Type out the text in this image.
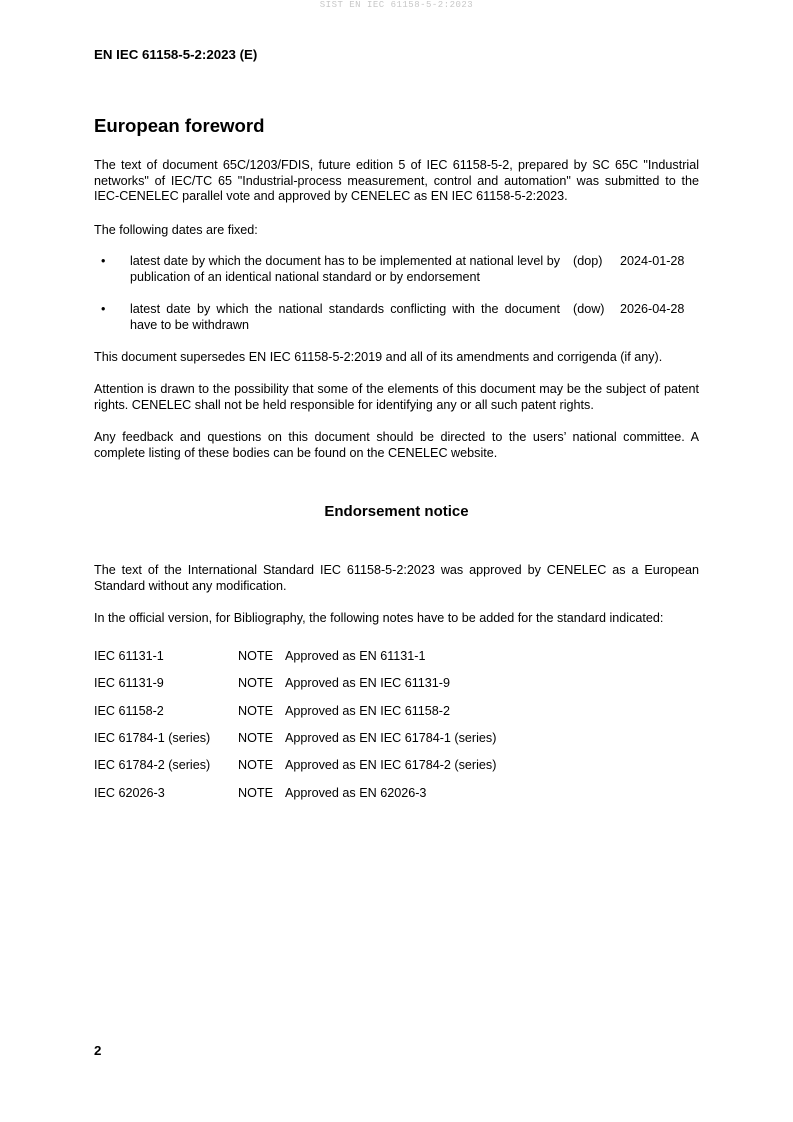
SIST EN IEC 61158-5-2:2023
EN IEC 61158-5-2:2023 (E)
European foreword
The text of document 65C/1203/FDIS, future edition 5 of IEC 61158-5-2, prepared by SC 65C "Industrial networks" of IEC/TC 65 "Industrial-process measurement, control and automation" was submitted to the IEC-CENELEC parallel vote and approved by CENELEC as EN IEC 61158-5-2:2023.
The following dates are fixed:
• latest date by which the document has to be implemented at national level by publication of an identical national standard or by endorsement
(dop) 2024-01-28
• latest date by which the national standards conflicting with the document have to be withdrawn
(dow) 2026-04-28
This document supersedes EN IEC 61158-5-2:2019 and all of its amendments and corrigenda (if any).
Attention is drawn to the possibility that some of the elements of this document may be the subject of patent rights. CENELEC shall not be held responsible for identifying any or all such patent rights.
Any feedback and questions on this document should be directed to the users’ national committee. A complete listing of these bodies can be found on the CENELEC website.
Endorsement notice
The text of the International Standard IEC 61158-5-2:2023 was approved by CENELEC as a European Standard without any modification.
In the official version, for Bibliography, the following notes have to be added for the standard indicated:
IEC 61131-1	NOTE Approved as EN 61131-1
IEC 61131-9	NOTE Approved as EN IEC 61131-9
IEC 61158-2	NOTE Approved as EN IEC 61158-2
IEC 61784-1 (series) NOTE Approved as EN IEC 61784-1 (series)
IEC 61784-2 (series) NOTE Approved as EN IEC 61784-2 (series)
IEC 62026-3	NOTE Approved as EN 62026-3
2
